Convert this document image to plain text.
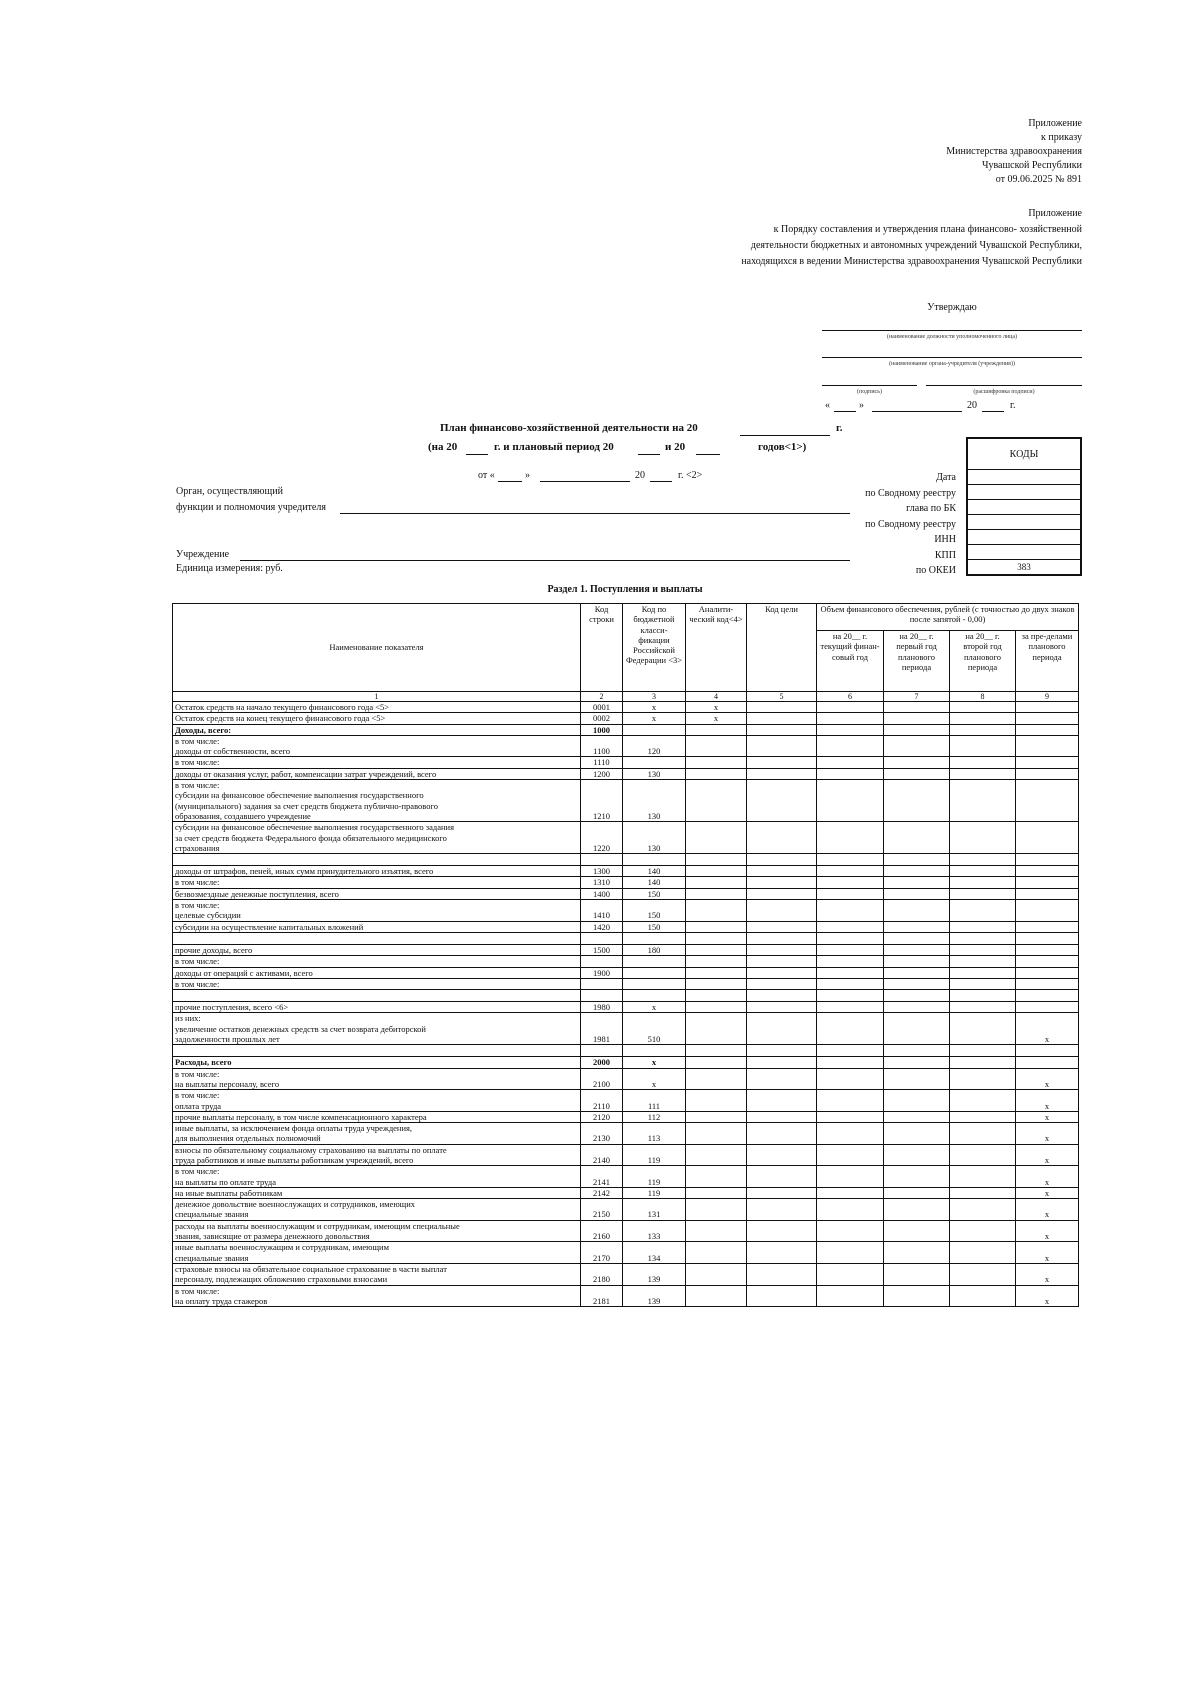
Приложение
к приказу
Министерства здравоохранения
Чувашской Республики
от 09.06.2025 № 891
Приложение
к Порядку составления и утверждения плана финансово- хозяйственной
деятельности бюджетных и автономных учреждений Чувашской Республики,
находящихся в ведении Министерства здравоохранения Чувашской Республики
Утверждаю
(наименование должности уполномоченного лица)
(наименование органа-учредителя (учреждения))
(подпись)	(расшифровка подписи)
«	»	20	г.
План финансово-хозяйственной деятельности на 20	г.
(на 20	г. и плановый период 20	и 20	годов<1>)
от «	»	20	г. <2>
Орган, осуществляющий
функции и полномочия учредителя
Учреждение
Единица измерения: руб.
Дата
по Сводному реестру
глава по БК
по Сводному реестру
ИНН
КПП
по ОКЕИ
КОДЫ

383
Раздел 1. Поступления и выплаты
Наименование показателя	Код строки	Код по бюджетной класси-фикации Российской Федерации <3>	Аналити-ческий код<4>	Код цели	Объем финансового обеспечения, рублей (с точностью до двух знаков после запятой - 0,00)			
					на 20__ г. текущий финан-совый год	на 20__ г. первый год планового периода	на 20__ г. второй год планового периода	за пре-делами планового периода
1	2	3	4	5	6	7	8	9
Остаток средств на начало текущего финансового года <5>	0001	x	x					
Остаток средств на конец текущего финансового года <5>	0002	x	x					
Доходы, всего:	1000							
в том числе:
доходы от собственности, всего	1100	120						
в том числе:	1110							
доходы от оказания услуг, работ, компенсации затрат учреждений, всего	1200	130						
в том числе:
субсидии на финансовое обеспечение выполнения государственного
(муниципального) задания за счет средств бюджета публично-правового
образования, создавшего учреждение	1210	130						
субсидии на финансовое обеспечение выполнения государственного задания
за счет средств бюджета Федерального фонда обязательного медицинского
страхования	1220	130						

доходы от штрафов, пеней, иных сумм принудительного изъятия, всего	1300	140						
в том числе:	1310	140						
безвозмездные денежные поступления, всего	1400	150						
в том числе:
целевые субсидии	1410	150						
субсидии на осуществление капитальных вложений	1420	150						

прочие доходы, всего	1500	180						
в том числе:

доходы от операций с активами, всего	1900							
в том числе:

прочие поступления, всего <6>	1980	x						
из них:
увеличение остатков денежных средств за счет возврата дебиторской
задолженности прошлых лет	1981	510						x

Расходы, всего	2000	x						
в том числе:
на выплаты персоналу, всего	2100	x						x
в том числе:
оплата труда	2110	111						x
прочие выплаты персоналу, в том числе компенсационного характера	2120	112						x
иные выплаты, за исключением фонда оплаты труда учреждения,
для выполнения отдельных полномочий	2130	113						x
взносы по обязательному социальному страхованию на выплаты по оплате
труда работников и иные выплаты работникам учреждений, всего	2140	119						x
в том числе:
на выплаты по оплате труда	2141	119						x
на иные выплаты работникам	2142	119						x
денежное довольствие военнослужащих и сотрудников, имеющих
специальные звания	2150	131						x
расходы на выплаты военнослужащим и сотрудникам, имеющим специальные
звания, зависящие от размера денежного довольствия	2160	133						x
иные выплаты военнослужащим и сотрудникам, имеющим
специальные звания	2170	134						x
страховые взносы на обязательное социальное страхование в части выплат
персоналу, подлежащих обложению страховыми взносами	2180	139						x
в том числе:
на оплату труда стажеров	2181	139						x
